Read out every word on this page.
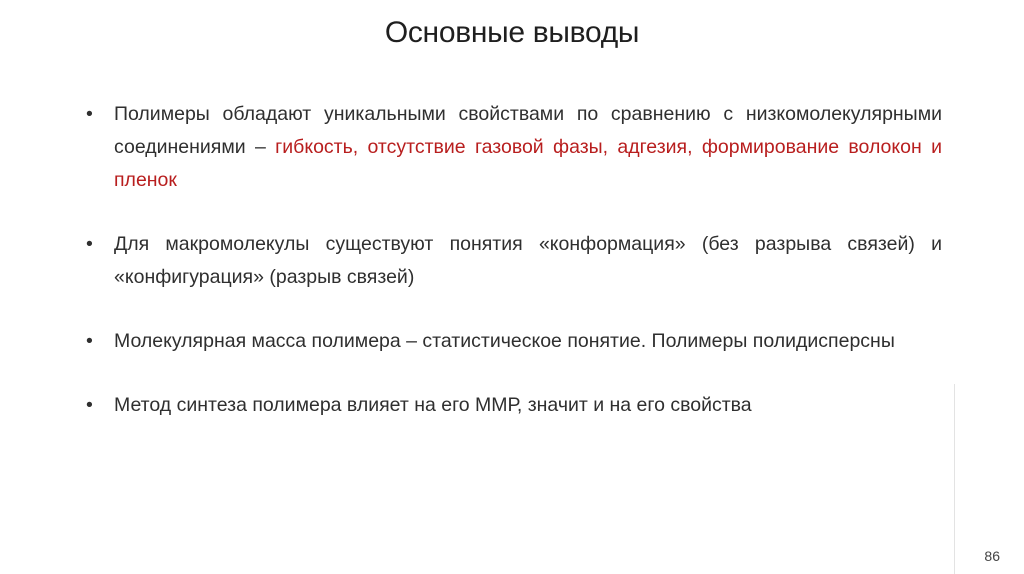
Основные выводы
• Полимеры обладают уникальными свойствами по сравнению с низкомолекулярными соединениями – гибкость, отсутствие газовой фазы, адгезия, формирование волокон и пленок
• Для макромолекулы существуют понятия «конформация» (без разрыва связей) и «конфигурация» (разрыв связей)
• Молекулярная масса полимера – статистическое понятие. Полимеры полидисперсны
• Метод синтеза полимера влияет на его ММР, значит и на его свойства
86
